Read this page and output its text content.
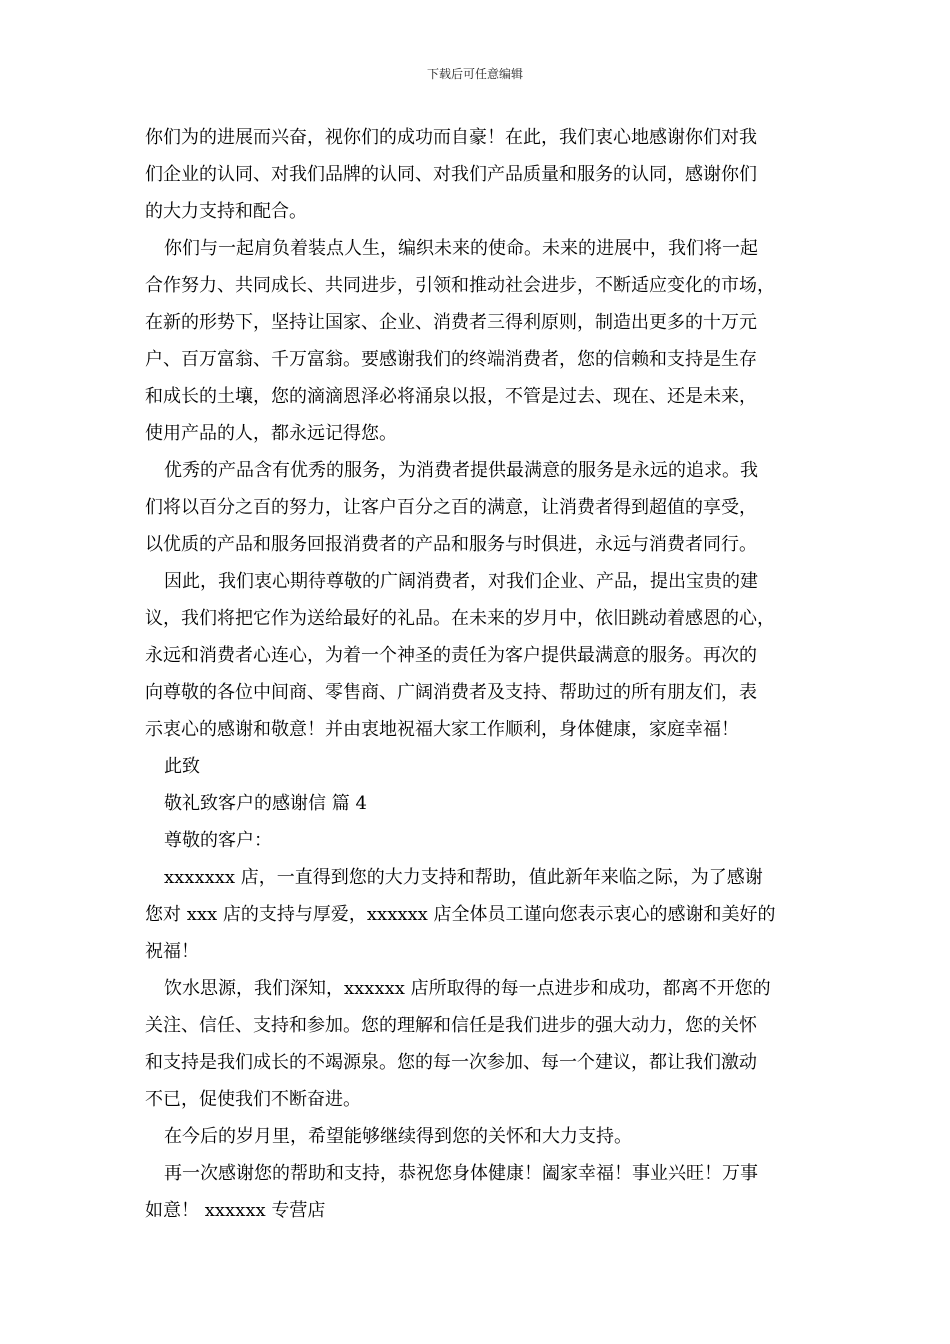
下载后可任意编辑
你们为的进展而兴奋，视你们的成功而自豪！在此，我们衷心地感谢你们对我
们企业的认同、对我们品牌的认同、对我们产品质量和服务的认同，感谢你们
的大力支持和配合。
你们与一起肩负着装点人生，编织未来的使命。未来的进展中，我们将一起
合作努力、共同成长、共同进步，引领和推动社会进步，不断适应变化的市场，
在新的形势下，坚持让国家、企业、消费者三得利原则，制造出更多的十万元
户、百万富翁、千万富翁。要感谢我们的终端消费者，您的信赖和支持是生存
和成长的土壤，您的滴滴恩泽必将涌泉以报，不管是过去、现在、还是未来，
使用产品的人，都永远记得您。
优秀的产品含有优秀的服务，为消费者提供最满意的服务是永远的追求。我
们将以百分之百的努力，让客户百分之百的满意，让消费者得到超值的享受，
以优质的产品和服务回报消费者的产品和服务与时俱进，永远与消费者同行。
因此，我们衷心期待尊敬的广阔消费者，对我们企业、产品，提出宝贵的建
议，我们将把它作为送给最好的礼品。在未来的岁月中，依旧跳动着感恩的心，
永远和消费者心连心，为着一个神圣的责任为客户提供最满意的服务。再次的
向尊敬的各位中间商、零售商、广阔消费者及支持、帮助过的所有朋友们，表
示衷心的感谢和敬意！并由衷地祝福大家工作顺利，身体健康，家庭幸福！
此致
敬礼致客户的感谢信 篇 4
尊敬的客户：
xxxxxxx 店，一直得到您的大力支持和帮助，值此新年来临之际，为了感谢
您对 xxx 店的支持与厚爱，xxxxxx 店全体员工谨向您表示衷心的感谢和美好的
祝福！
饮水思源，我们深知，xxxxxx 店所取得的每一点进步和成功，都离不开您的
关注、信任、支持和参加。您的理解和信任是我们进步的强大动力，您的关怀
和支持是我们成长的不竭源泉。您的每一次参加、每一个建议，都让我们激动
不已，促使我们不断奋进。
在今后的岁月里，希望能够继续得到您的关怀和大力支持。
再一次感谢您的帮助和支持，恭祝您身体健康！阖家幸福！事业兴旺！万事
如意！ xxxxxx 专营店
